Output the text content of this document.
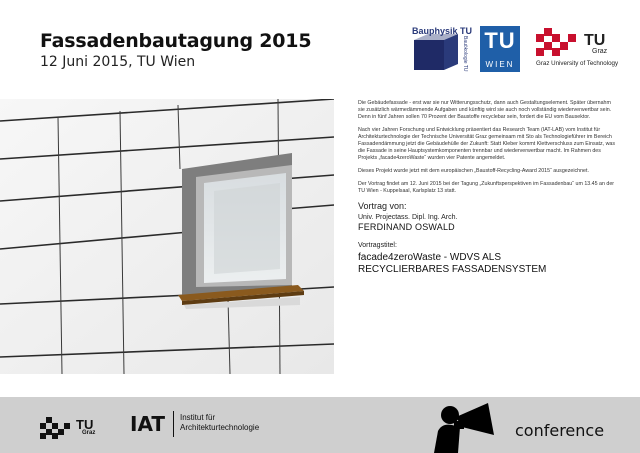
Fassadenbautagung 2015
12 Juni 2015, TU Wien
Bauphysik TU
Bauökologie TU TU
WIEN
TU
Graz
Graz University of Technology

Die Gebäudefassade - erst war sie nur Witterungsschutz, dann auch Gestaltungselement. Später übernahm sie zusätzlich wärmedämmende Aufgaben und künftig wird sie auch noch vollständig wiederverwertbar sein. Denn in fünf Jahren sollen 70 Prozent der Baustoffe recyclebar sein, fordert die EU vom Bausektor.

Nach vier Jahren Forschung und Entwicklung präsentiert das Research Team (IAT-LAB) vom Institut für Architekturtechnologie der Technische Universität Graz gemeinsam mit Sto als Technologieführer im Bereich Fassadendämmung jetzt die Gebäudehülle der Zukunft: Statt Kleber kommt Klettverschluss zum Einsatz, was die Fassade in seine Hauptsystemkomponenten trennbar und wiederverwertbar macht. Im Rahmen des Projekts „facade4zeroWaste“ wurden vier Patente angemeldet.

Dieses Projekt wurde jetzt mit dem europäischen „Baustoff-Recycling-Award 2015“ ausgezeichnet.

Der Vortrag findet am 12. Juni 2015 bei der Tagung „Zukunftsperspektiven im Fassadenbau“ um 13.45 an der TU Wien - Kuppelsaal, Karlsplatz 13 statt.

Vortrag von:
Univ. Projectass. Dipl. Ing. Arch.
FERDINAND OSWALD
Vortragstitel:
facade4zeroWaste - WDVS ALS
RECYCLIERBARES FASSADENSYSTEM
TU
Graz IAT Institut für
Architekturtechnologie	conference
